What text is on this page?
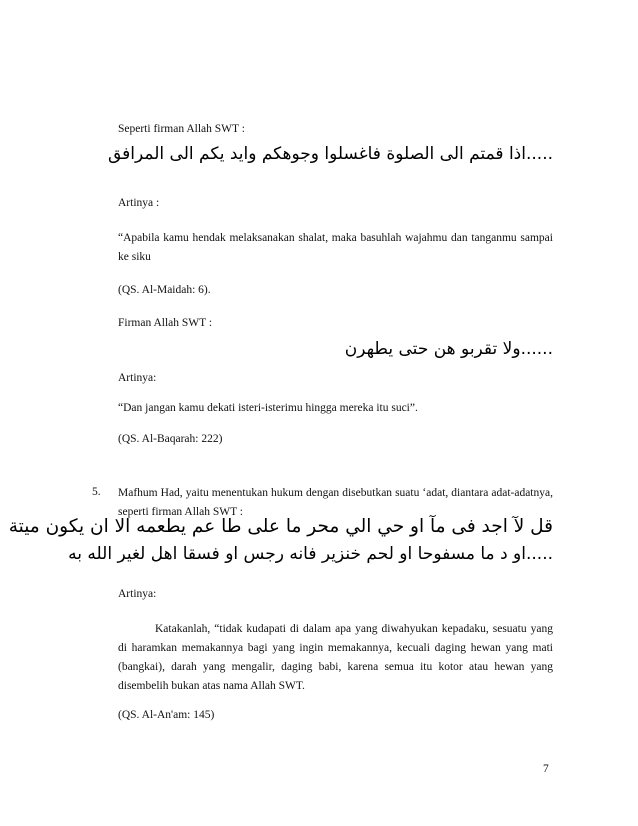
Seperti firman Allah SWT :
.....اذا قمتم الى الصلوة فاغسلوا وجوهكم وايد يكم الى المرافق
Artinya :
“Apabila kamu hendak melaksanakan shalat, maka basuhlah wajahmu dan tanganmu sampai ke siku
(QS. Al-Maidah: 6).
Firman Allah SWT :
......ولا تقربو هن حتى يطهرن
Artinya:
“Dan jangan kamu dekati isteri-isterimu hingga mereka itu suci”.
(QS. Al-Baqarah: 222)
5. Mafhum Had, yaitu menentukan hukum dengan disebutkan suatu ‘adat, diantara adat-adatnya, seperti firman Allah SWT :
قل لآ اجد فى مآ او حي الي محر ما على طا عم يطعمه الا ان يكون ميتة
.....او د ما مسفوحا او لحم خنزير فانه رجس او فسقا اهل لغير الله به
Artinya:
Katakanlah, “tidak kudapati di dalam apa yang diwahyukan kepadaku, sesuatu yang di haramkan memakannya bagi yang ingin memakannya, kecuali daging hewan yang mati (bangkai), darah yang mengalir, daging babi, karena semua itu kotor atau hewan yang disembelih bukan atas nama Allah SWT.
(QS. Al-An'am: 145)
7
